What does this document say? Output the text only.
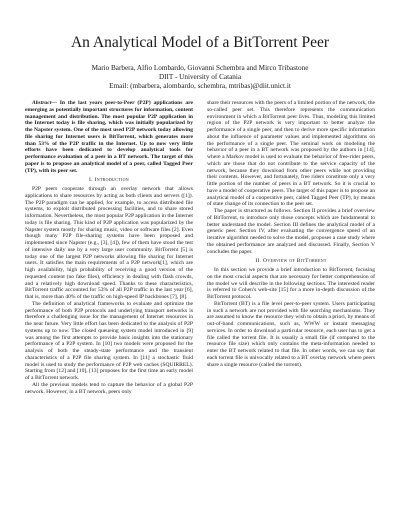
An Analytical Model of a BitTorrent Peer
Mario Barbera, Alfio Lombardo, Giovanni Schembra and Mirco Tribastone
DIIT - University of Catania
Email: (mbarbera, alombardo, schembra, mtribas)@diit.unict.it

Abstract— In the last years peer-to-Peer (P2P) applications are emerging as potentially important structures for information, content management and distribution. The most popular P2P application in the Internet today is file sharing, which was initially popularized by the Napster system. One of the most used P2P network today allowing file sharing for Internet users is BitTorrent, which generates more than 53% of the P2P traffic in the Internet. Up to now very little efforts have been dedicated to develop analytical tools for performance evaluation of a peer in a BT network. The target of this paper is to propose an analytical model of a peer, called Tagged Peer (TP), with its peer set.

I. Introduction

P2P peers cooperate through an overlay network that allows applications to share resources by acting as both clients and servers ([1]). The P2P paradigm can be applied, for example, to access distributed file systems, to exploit distributed processing facilities, and to share stored information. Nevertheless, the most popular P2P application in the Internet today is file sharing. This kind of P2P application was popularized by the Napster system mostly for sharing music, video or software files [2]. Even though many P2P file-sharing systems have been proposed and implemented since Napster (e.g., [3], [4]), few of them have stood the test of intensive daily use by a very large user community. BitTorrent [5] is today one of the largest P2P networks allowing file sharing for Internet users. It satisfies the main requirements of a P2P network[1], which are high availability, high probability of receiving a good version of the requested content (no fake files), efficiency in dealing with flash crowds, and a relatively high download speed. Thanks to these characteristics, BitTorrent traffic accounted for 53% of all P2P traffic in the last year [6], that is, more than 40% of the traffic on high-speed IP backbones [7], [8].

The definition of analytical frameworks to evaluate and optimize the performance of both P2P protocols and underlying transport networks is therefore a challenging issue for the management of Internet resources in the near future. Very little effort has been dedicated to the analysis of P2P systems up to now. The closed queueing system model introduced in [9] was among the first attempts to provide basic insights into the stationary performance of a P2P system. In [10] two models were proposed for the analysis of both the steady-state performance and the transient characteristics of a P2P file sharing system. In [11] a stochastic fluid model is used to study the performance of P2P web caches (SQUIRREL). Starting from [12] and [10], [13] proposes for the first time an early model of a BitTorrent network.

All the previous models tend to capture the behavior of a global P2P network. However, in a BT network, peers only

share their resources with the peers of a limited portion of the network, the so-called peer set. This therefore represents the communication environment in which a BitTorrent peer lives. Thus, modeling this limited region of the P2P network is very important to better analyze the performance of a single peer, and then to derive more specific information about the influence of parameter values and implemented algorithms on the performance of a single peer. The seminal work on modeling the behavior of a peer in a BT network was proposed by the authors in [14], where a Markov model is used to evaluate the behavior of free-rider peers, which are those that do not contribute to the service capacity of the network, because they download from other peers while not providing their contents. However, and fortunately, free riders constitute only a very little portion of the number of peers in a BT network. So it is crucial to have a model of cooperative peers. The target of this paper is to propose an analytical model of a cooperative peer, called Tagged Peer (TP), by means of state change of its connection to the peer set.

The paper is structured as follows. Section II provides a brief overview of BitTorrent, to introduce only those concepts which are fundamental to better understand the model. Section III defines the analytical model of a generic peer. Section IV, after evaluating the convergence speed of an iterative algorithm needed to solve the model, proposes a case study where the obtained performance are analyzed and discussed. Finally, Section V concludes the paper.

II. Overview of BitTorrent

In this section we provide a brief introduction to BitTorrent, focusing on the most crucial aspects that are necessary for better comprehension of the model we will describe in the following sections. The interested reader is referred to Cohen's web-site [15] for a more in-depth discussion of the BitTorrent protocol.

BitTorrent (BT) is a file level peer-to-peer system. Users participating in such a network are not provided with file searching mechanisms. They are assumed to know the resource they wish to obtain a priori, by means of out-of-band communications, such as, WWW or instant messaging services. In order to download a particular resource, each user has to get a file called the torrent file. It is usually a small file (if compared to the resource file size) which only contains the meta-information needed to enter the BT network related to that file. In other words, we can say that each torrent file is univocally related to a BT overlay network where peers share a single resource (called the torrent).
